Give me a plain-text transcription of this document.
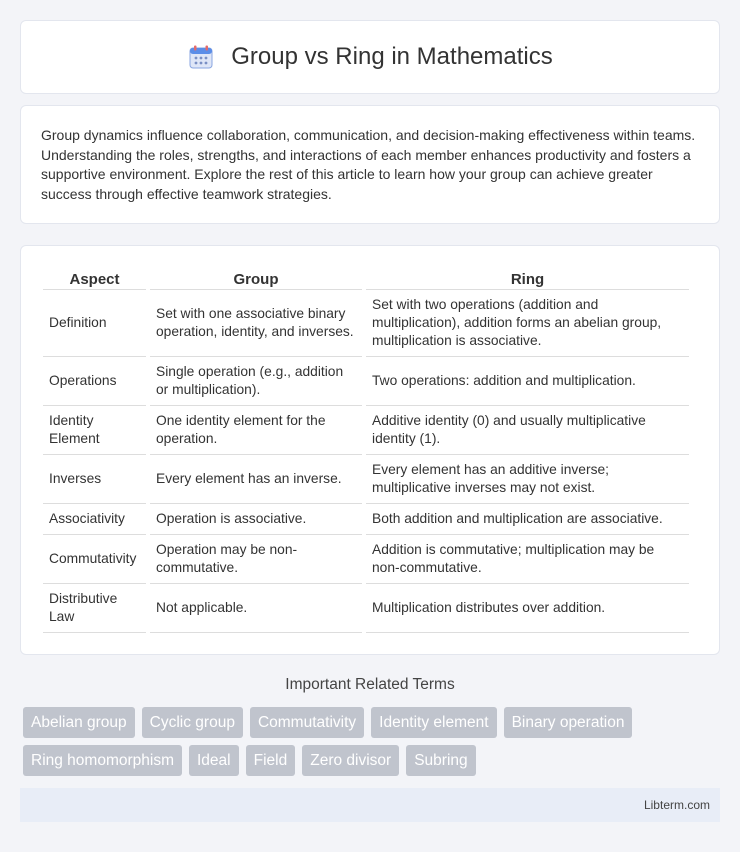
Group vs Ring in Mathematics

Group dynamics influence collaboration, communication, and decision-making effectiveness within teams. Understanding the roles, strengths, and interactions of each member enhances productivity and fosters a supportive environment. Explore the rest of this article to learn how your group can achieve greater success through effective teamwork strategies.

Aspect	Group	Ring
Definition	Set with one associative binary operation, identity, and inverses.	Set with two operations (addition and multiplication), addition forms an abelian group, multiplication is associative.
Operations	Single operation (e.g., addition or multiplication).	Two operations: addition and multiplication.
Identity Element	One identity element for the operation.	Additive identity (0) and usually multiplicative identity (1).
Inverses	Every element has an inverse.	Every element has an additive inverse; multiplicative inverses may not exist.
Associativity	Operation is associative.	Both addition and multiplication are associative.
Commutativity	Operation may be non-commutative.	Addition is commutative; multiplication may be non-commutative.
Distributive Law	Not applicable.	Multiplication distributes over addition.
Important Related Terms
Abelian group	Cyclic group	Commutativity	Identity element	Binary operation
Ring homomorphism	Ideal	Field	Zero divisor	Subring
Libterm.com
